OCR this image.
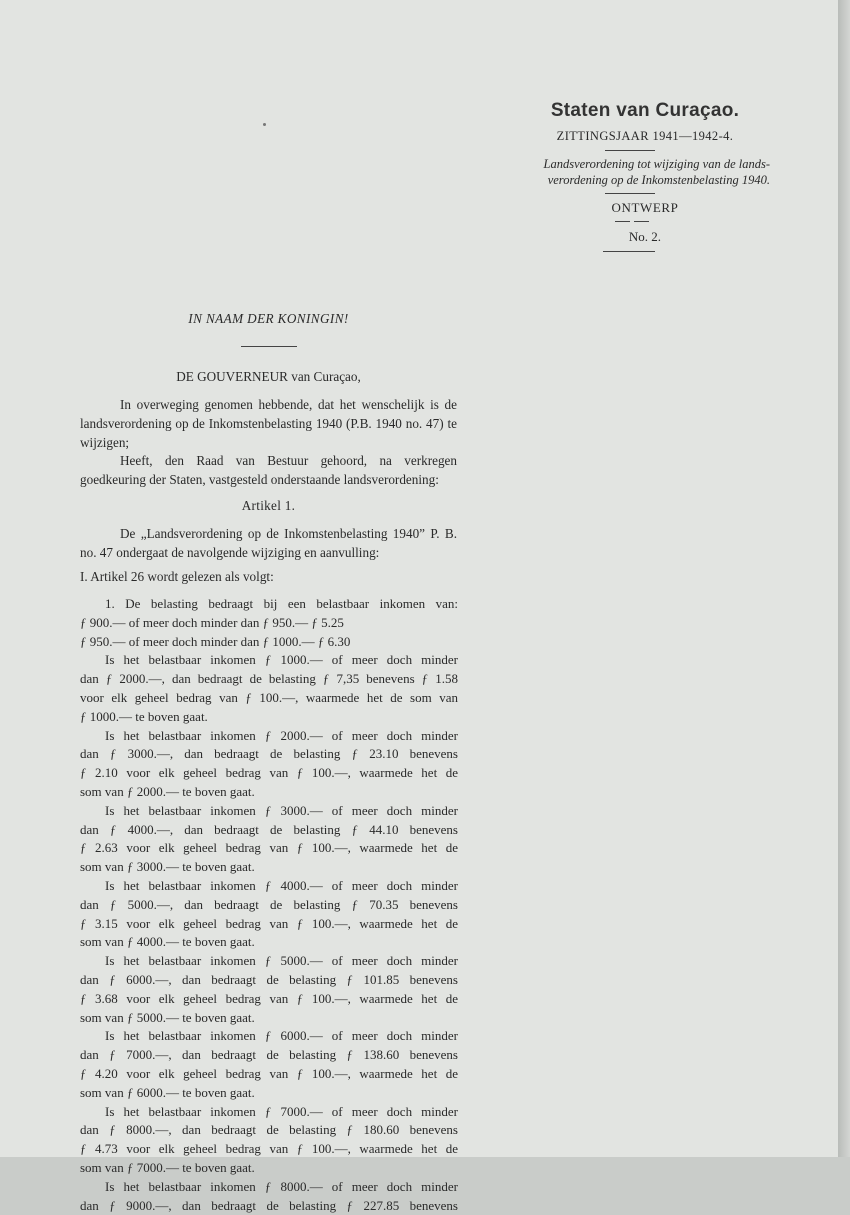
Staten van Curaçao.
ZITTINGSJAAR 1941—1942-4.
Landsverordening tot wijziging van de lands-
verordening op de Inkomstenbelasting 1940.
ONTWERP
No. 2.
IN NAAM DER KONINGIN!
DE GOUVERNEUR van Curaçao,

In overweging genomen hebbende, dat het wenschelijk is de landsverordening op de Inkomstenbelasting 1940 (P.B. 1940 no. 47) te wijzigen;

Heeft, den Raad van Bestuur gehoord, na verkregen goedkeuring der Staten, vastgesteld onderstaande landsverordening:

Artikel 1.

De „Landsverordening op de Inkomstenbelasting 1940” P. B. no. 47 ondergaat de navolgende wijziging en aanvulling:

I. Artikel 26 wordt gelezen als volgt:
1. De belasting bedraagt bij een belastbaar inkomen van:
ƒ 900.— of meer doch minder dan ƒ 950.— ƒ 5.25
ƒ 950.— of meer doch minder dan ƒ 1000.— ƒ 6.30
Is het belastbaar inkomen ƒ 1000.— of meer doch minder
dan ƒ 2000.—, dan bedraagt de belasting ƒ 7,35 benevens ƒ 1.58
voor elk geheel bedrag van ƒ 100.—, waarmede het de som van
ƒ 1000.— te boven gaat.
Is het belastbaar inkomen ƒ 2000.— of meer doch minder
dan ƒ 3000.—, dan bedraagt de belasting ƒ 23.10 benevens
ƒ 2.10 voor elk geheel bedrag van ƒ 100.—, waarmede het de
som van ƒ 2000.— te boven gaat.
Is het belastbaar inkomen ƒ 3000.— of meer doch minder
dan ƒ 4000.—, dan bedraagt de belasting ƒ 44.10 benevens
ƒ 2.63 voor elk geheel bedrag van ƒ 100.—, waarmede het de
som van ƒ 3000.— te boven gaat.
Is het belastbaar inkomen ƒ 4000.— of meer doch minder
dan ƒ 5000.—, dan bedraagt de belasting ƒ 70.35 benevens
ƒ 3.15 voor elk geheel bedrag van ƒ 100.—, waarmede het de
som van ƒ 4000.— te boven gaat.
Is het belastbaar inkomen ƒ 5000.— of meer doch minder
dan ƒ 6000.—, dan bedraagt de belasting ƒ 101.85 benevens
ƒ 3.68 voor elk geheel bedrag van ƒ 100.—, waarmede het de
som van ƒ 5000.— te boven gaat.
Is het belastbaar inkomen ƒ 6000.— of meer doch minder
dan ƒ 7000.—, dan bedraagt de belasting ƒ 138.60 benevens
ƒ 4.20 voor elk geheel bedrag van ƒ 100.—, waarmede het de
som van ƒ 6000.— te boven gaat.
Is het belastbaar inkomen ƒ 7000.— of meer doch minder
dan ƒ 8000.—, dan bedraagt de belasting ƒ 180.60 benevens
ƒ 4.73 voor elk geheel bedrag van ƒ 100.—, waarmede het de
som van ƒ 7000.— te boven gaat.
Is het belastbaar inkomen ƒ 8000.— of meer doch minder
dan ƒ 9000.—, dan bedraagt de belasting ƒ 227.85 benevens
